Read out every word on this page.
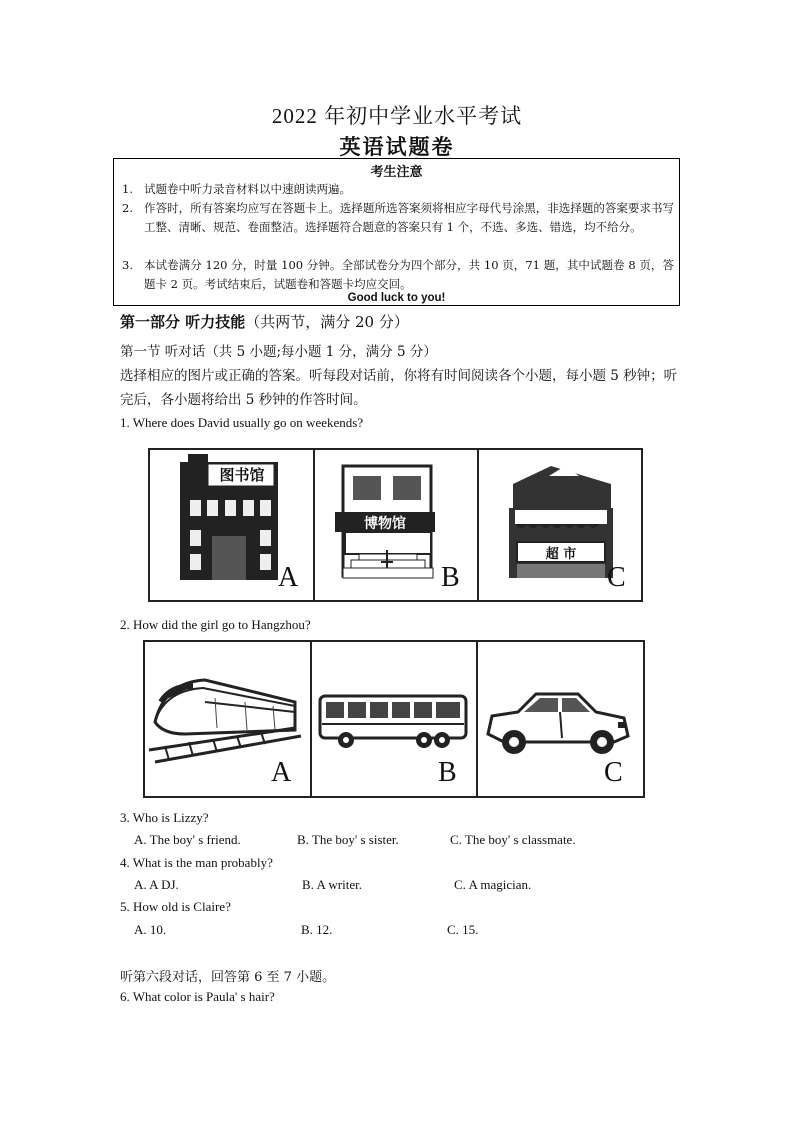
2022 年初中学业水平考试
英语试题卷
考生注意
1. 试题卷中听力录音材料以中速朗读两遍。
2. 作答时，所有答案均应写在答题卡上。选择题所选答案须将相应字母代号涂黑，非选择题的答案要求书写工整、清晰、规范、卷面整洁。选择题符合题意的答案只有 1 个，不选、多选、错选，均不给分。
3. 本试卷满分 120 分，时量 100 分钟。全部试卷分为四个部分，共 10 页，71 题，其中试题卷 8 页，答题卡 2 页。考试结束后，试题卷和答题卡均应交回。
Good luck to you!
第一部分 听力技能（共两节，满分 20 分）
第一节 听对话（共 5 小题;每小题 1 分，满分 5 分）
选择相应的图片或正确的答案。听每段对话前，你将有时间阅读各个小题，每小题 5 秒钟；听完后，各小题将给出 5 秒钟的作答时间。
1. Where does David usually go on weekends?
图书馆
A
博物馆
B
超 市
C
2. How did the girl go to Hangzhou?
A	B	C
3. Who is Lizzy?
A. The boy' s friend.	B. The boy' s sister.	C. The boy' s classmate.
4. What is the man probably?
A. A DJ.	B. A writer.	C. A magician.
5. How old is Claire?
A. 10.	B. 12.	C. 15.
听第六段对话，回答第 6 至 7 小题。
6. What color is Paula' s hair?
